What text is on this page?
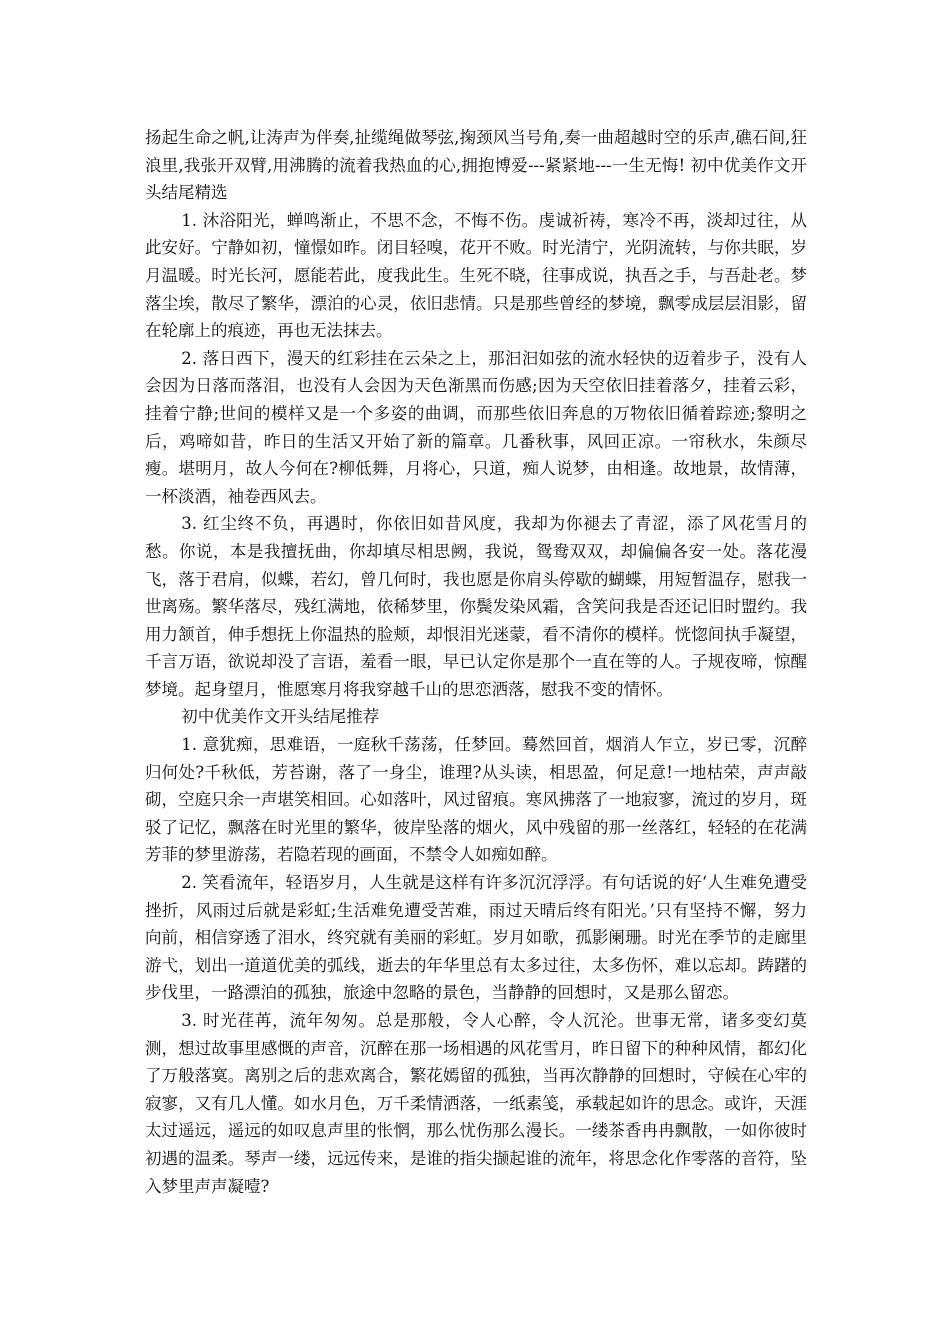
扬起生命之帆,让涛声为伴奏,扯缆绳做琴弦,掬颈风当号角,奏一曲超越时空的乐声,礁石间,狂浪里,我张开双臂,用沸腾的流着我热血的心,拥抱博爱---紧紧地---一生无悔! 初中优美作文开头结尾精选

1. 沐浴阳光，蝉鸣渐止，不思不念，不悔不伤。虔诚祈祷，寒冷不再，淡却过往，从此安好。宁静如初，憧憬如昨。闭目轻嗅，花开不败。时光清宁，光阴流转，与你共眠，岁月温暖。时光长河，愿能若此，度我此生。生死不晓，往事成说，执吾之手，与吾赴老。梦落尘埃，散尽了繁华，漂泊的心灵，依旧悲情。只是那些曾经的梦境，飘零成层层泪影，留在轮廓上的痕迹，再也无法抹去。

2. 落日西下，漫天的红彩挂在云朵之上，那汩汩如弦的流水轻快的迈着步子，没有人会因为日落而落泪，也没有人会因为天色渐黑而伤感;因为天空依旧挂着落夕，挂着云彩，挂着宁静;世间的模样又是一个多姿的曲调，而那些依旧奔息的万物依旧循着踪迹;黎明之后，鸡啼如昔，昨日的生活又开始了新的篇章。几番秋事，风回正凉。一帘秋水，朱颜尽瘦。堪明月，故人今何在?柳低舞，月将心，只道，痴人说梦，由相逢。故地景，故情薄，一杯淡酒，袖卷西风去。

3. 红尘终不负，再遇时，你依旧如昔风度，我却为你褪去了青涩，添了风花雪月的愁。你说，本是我擅抚曲，你却填尽相思阙，我说，鸳鸯双双，却偏偏各安一处。落花漫飞，落于君肩，似蝶，若幻，曾几何时，我也愿是你肩头停歇的蝴蝶，用短暂温存，慰我一世离殇。繁华落尽，残红满地，依稀梦里，你鬓发染风霜，含笑问我是否还记旧时盟约。我用力颔首，伸手想抚上你温热的脸颊，却恨泪光迷蒙，看不清你的模样。恍惚间执手凝望，千言万语，欲说却没了言语，羞看一眼，早已认定你是那个一直在等的人。子规夜啼，惊醒梦境。起身望月，惟愿寒月将我穿越千山的思恋洒落，慰我不变的情怀。

初中优美作文开头结尾推荐

1. 意犹痴，思难语，一庭秋千荡荡，任梦回。蓦然回首，烟消人乍立，岁已零，沉醉归何处?千秋低，芳苔谢，落了一身尘，谁理?从头读，相思盈，何足意!一地枯荣，声声敲砌，空庭只余一声堪笑相回。心如落叶，风过留痕。寒风拂落了一地寂寥，流过的岁月，斑驳了记忆，飘落在时光里的繁华，彼岸坠落的烟火，风中残留的那一丝落红，轻轻的在花满芳菲的梦里游荡，若隐若现的画面，不禁令人如痴如醉。

2. 笑看流年，轻语岁月，人生就是这样有许多沉沉浮浮。有句话说的好‘人生难免遭受挫折，风雨过后就是彩虹;生活难免遭受苦难，雨过天晴后终有阳光。’只有坚持不懈，努力向前，相信穿透了泪水，终究就有美丽的彩虹。岁月如歌，孤影阑珊。时光在季节的走廊里游弋，划出一道道优美的弧线，逝去的年华里总有太多过往，太多伤怀，难以忘却。踌躇的步伐里，一路漂泊的孤独，旅途中忽略的景色，当静静的回想时，又是那么留恋。

3. 时光荏苒，流年匆匆。总是那般，令人心醉，令人沉沦。世事无常，诸多变幻莫测，想过故事里感慨的声音，沉醉在那一场相遇的风花雪月，昨日留下的种种风情，都幻化了万般落寞。离别之后的悲欢离合，繁花嫣留的孤独，当再次静静的回想时，守候在心牢的寂寥，又有几人懂。如水月色，万千柔情洒落，一纸素笺，承载起如许的思念。或许，天涯太过遥远，遥远的如叹息声里的怅惘，那么忧伤那么漫长。一缕茶香冉冉飘散，一如你彼时初遇的温柔。琴声一缕，远远传来，是谁的指尖撷起谁的流年，将思念化作零落的音符，坠入梦里声声凝噎?
